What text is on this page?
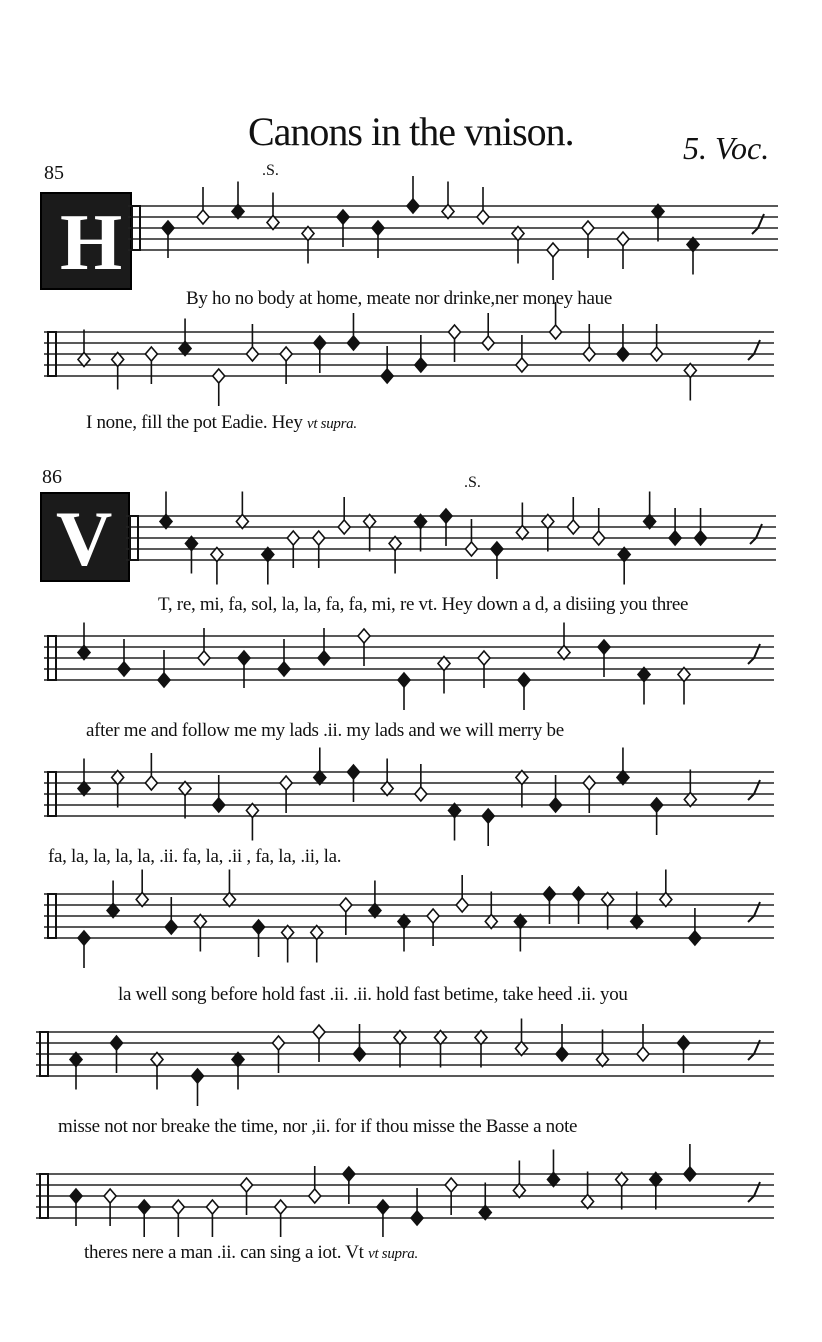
Canons in the vnison.	5. Voc.
85	.S.
H
By ho no body at home, meate nor drinke,ner money haue
I none, fill the pot Eadie. Hey vt supra.
86	.S.
V
T, re, mi, fa, sol, la, la, fa, fa, mi, re vt. Hey down a d, a disiing you three
after me and follow me my lads .ii. my lads and we will merry be
fa, la, la, la, la, .ii. fa, la, .ii , fa, la, .ii, la.
la well song before hold fast .ii. .ii. hold fast betime, take heed .ii. you
misse not nor breake the time, nor ,ii. for if thou misse the Basse a note
theres nere a man .ii. can sing a iot. Vt vt supra.
